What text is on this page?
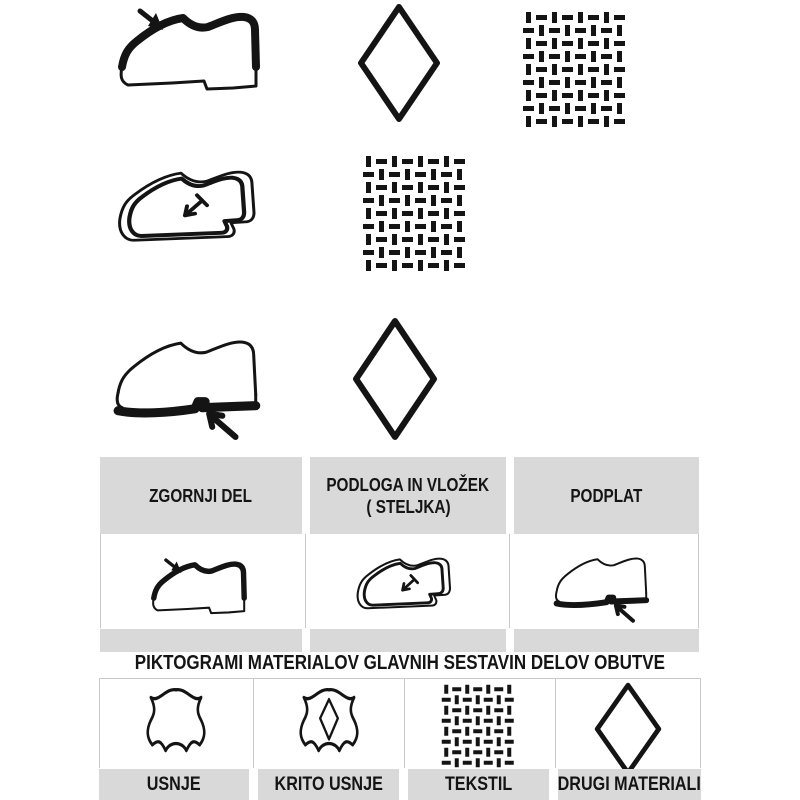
ZGORNJI DEL
PODLOGA IN VLOŽEK
( STELJKA)
PODPLAT
PIKTOGRAMI MATERIALOV GLAVNIH SESTAVIN DELOV OBUTVE
USNJE	KRITO USNJE	TEKSTIL DRUGI MATERIALI
